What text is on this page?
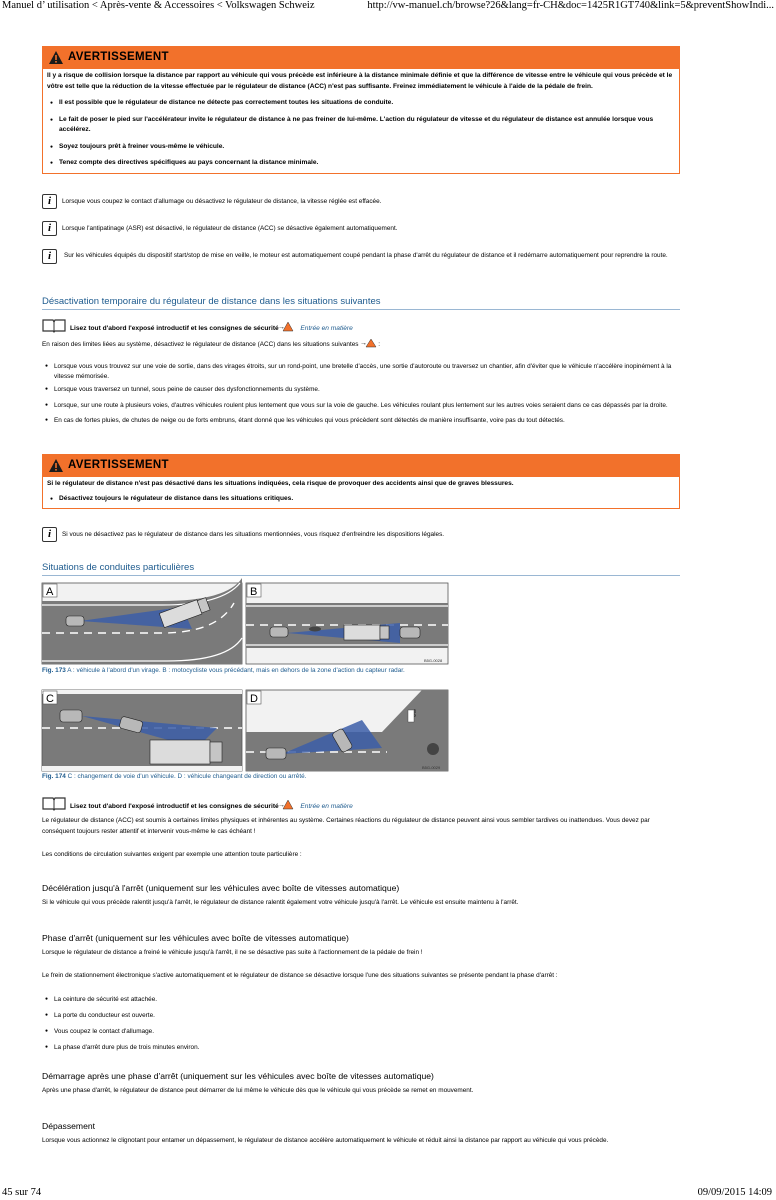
Manuel d’ utilisation < Après-vente & Accessoires < Volkswagen Schweiz	http://vw-manuel.ch/browse?26&lang=fr-CH&doc=1425R1GT740&link=5&preventShowIndi...
AVERTISSEMENT

Il y a risque de collision lorsque la distance par rapport au véhicule qui vous précède est inférieure à la distance minimale définie et que la différence de vitesse entre le véhicule qui vous précède et le vôtre est telle que la réduction de la vitesse effectuée par le régulateur de distance (ACC) n'est pas suffisante. Freinez immédiatement le véhicule à l'aide de la pédale de frein.

● Il est possible que le régulateur de distance ne détecte pas correctement toutes les situations de conduite.
● Le fait de poser le pied sur l'accélérateur invite le régulateur de distance à ne pas freiner de lui-même. L'action du régulateur de vitesse et du régulateur de distance est annulée lorsque vous accélérez.
● Soyez toujours prêt à freiner vous-même le véhicule.
● Tenez compte des directives spécifiques au pays concernant la distance minimale.
i	Lorsque vous coupez le contact d'allumage ou désactivez le régulateur de distance, la vitesse réglée est effacée.
i	Lorsque l'antipatinage (ASR) est désactivé, le régulateur de distance (ACC) se désactive également automatiquement.
i	Sur les véhicules équipés du dispositif start/stop de mise en veille, le moteur est automatiquement coupé pendant la phase d'arrêt du régulateur de distance et il redémarre automatiquement pour reprendre la route.
Désactivation temporaire du régulateur de distance dans les situations suivantes
Lisez tout d'abord l'exposé introductif et les consignes de sécurité
→ Entrée en matière
En raison des limites liées au système, désactivez le régulateur de distance (ACC) dans les situations suivantes → :
● Lorsque vous vous trouvez sur une voie de sortie, dans des virages étroits, sur un rond-point, une bretelle d'accès, une sortie d'autoroute ou traversez un chantier, afin d'éviter que le véhicule n'accélère inopinément à la vitesse mémorisée.
● Lorsque vous traversez un tunnel, sous peine de causer des dysfonctionnements du système.
● Lorsque, sur une route à plusieurs voies, d'autres véhicules roulent plus lentement que vous sur la voie de gauche. Les véhicules roulant plus lentement sur les autres voies seraient dans ce cas dépassés par la droite.
● En cas de fortes pluies, de chutes de neige ou de forts embruns, étant donné que les véhicules qui vous précèdent sont détectés de manière insuffisante, voire pas du tout détectés.
AVERTISSEMENT

Si le régulateur de distance n'est pas désactivé dans les situations indiquées, cela risque de provoquer des accidents ainsi que de graves blessures.

● Désactivez toujours le régulateur de distance dans les situations critiques.
i	Si vous ne désactivez pas le régulateur de distance dans les situations mentionnées, vous risquez d'enfreindre les dispositions légales.
Situations de conduites particulières
A	B
B5G-0028
Fig. 173 A : véhicule à l'abord d'un virage. B : motocycliste vous précédant, mais en dehors de la zone d'action du capteur radar.
C
STOP
D
B5G-0029
Fig. 174 C : changement de voie d'un véhicule. D : véhicule changeant de direction ou arrêté.
Lisez tout d'abord l'exposé introductif et les consignes de sécurité
→ Entrée en matière
Le régulateur de distance (ACC) est soumis à certaines limites physiques et inhérentes au système. Certaines réactions du régulateur de distance peuvent ainsi vous sembler tardives ou inattendues. Vous devez par conséquent toujours rester attentif et intervenir vous-même le cas échéant !
Les conditions de circulation suivantes exigent par exemple une attention toute particulière :
Décélération jusqu'à l'arrêt (uniquement sur les véhicules avec boîte de vitesses automatique)
Si le véhicule qui vous précède ralentit jusqu'à l'arrêt, le régulateur de distance ralentit également votre véhicule jusqu'à l'arrêt. Le véhicule est ensuite maintenu à l'arrêt.
Phase d'arrêt (uniquement sur les véhicules avec boîte de vitesses automatique)
Lorsque le régulateur de distance a freiné le véhicule jusqu'à l'arrêt, il ne se désactive pas suite à l'actionnement de la pédale de frein !
Le frein de stationnement électronique s'active automatiquement et le régulateur de distance se désactive lorsque l'une des situations suivantes se présente pendant la phase d'arrêt :
● La ceinture de sécurité est attachée.
● La porte du conducteur est ouverte.
● Vous coupez le contact d'allumage.
● La phase d'arrêt dure plus de trois minutes environ.
Démarrage après une phase d'arrêt (uniquement sur les véhicules avec boîte de vitesses automatique)
Après une phase d'arrêt, le régulateur de distance peut démarrer de lui même le véhicule dès que le véhicule qui vous précède se remet en mouvement.
Dépassement
Lorsque vous actionnez le clignotant pour entamer un dépassement, le régulateur de distance accélère automatiquement le véhicule et réduit ainsi la distance par rapport au véhicule qui vous précède.
45 sur 74	09/09/2015 14:09
